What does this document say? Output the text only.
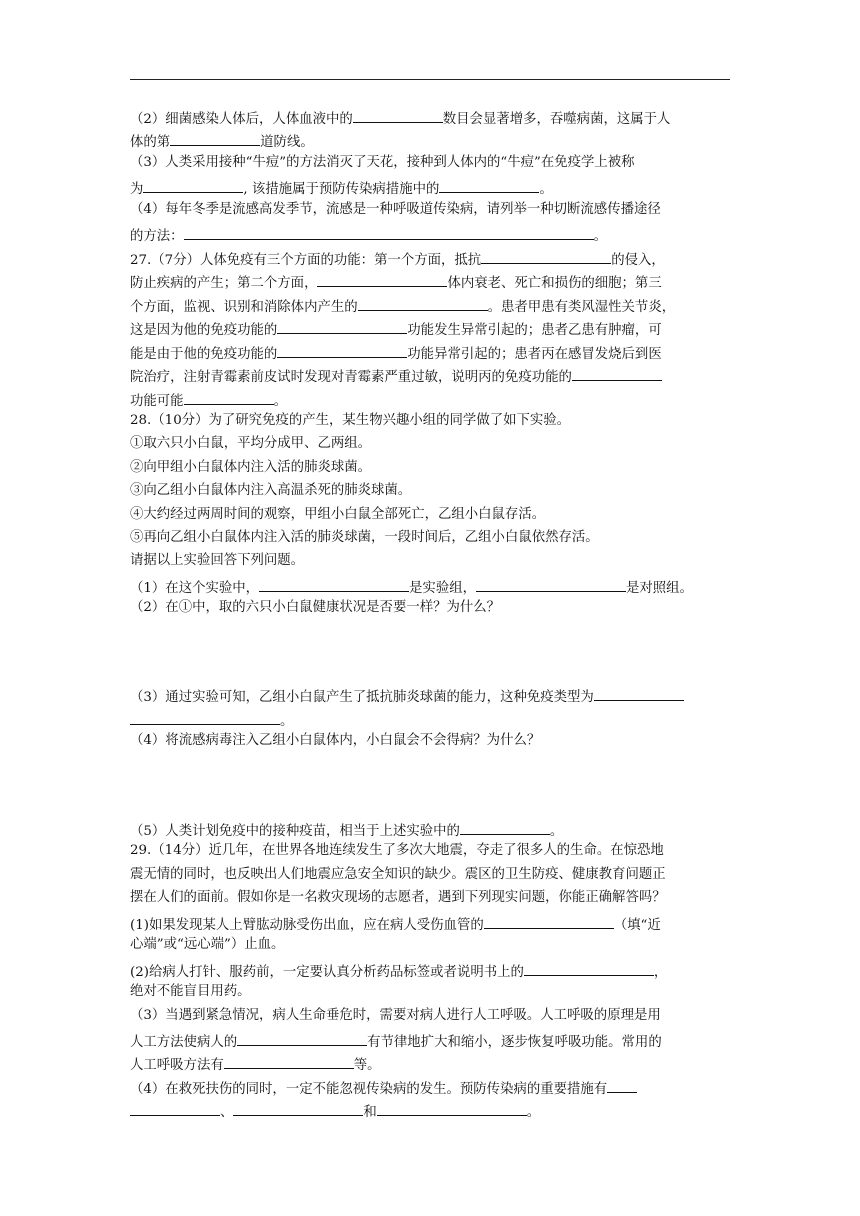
（2）细菌感染人体后，人体血液中的	数目会显著增多，吞噬病菌，这属于人
体的第	道防线。
（3）人类采用接种“牛痘”的方法消灭了天花，接种到人体内的“牛痘”在免疫学上被称
为	, 该措施属于预防传染病措施中的	。
（4）每年冬季是流感高发季节，流感是一种呼吸道传染病，请列举一种切断流感传播途径
的方法：	。
27.（7分）人体免疫有三个方面的功能：第一个方面，抵抗	的侵入，
防止疾病的产生；第二个方面，	体内衰老、死亡和损伤的细胞；第三
个方面，监视、识别和消除体内产生的	。患者甲患有类风湿性关节炎，
这是因为他的免疫功能的	功能发生异常引起的；患者乙患有肿瘤，可
能是由于他的免疫功能的	功能异常引起的；患者丙在感冒发烧后到医
院治疗，注射青霉素前皮试时发现对青霉素严重过敏，说明丙的免疫功能的
功能可能	。
28.（10分）为了研究免疫的产生，某生物兴趣小组的同学做了如下实验。
①取六只小白鼠，平均分成甲、乙两组。
②向甲组小白鼠体内注入活的肺炎球菌。
③向乙组小白鼠体内注入高温杀死的肺炎球菌。
④大约经过两周时间的观察，甲组小白鼠全部死亡，乙组小白鼠存活。
⑤再向乙组小白鼠体内注入活的肺炎球菌，一段时间后，乙组小白鼠依然存活。
请据以上实验回答下列问题。
（1）在这个实验中，	是实验组，	是对照组。
（2）在①中，取的六只小白鼠健康状况是否要一样？为什么？
（3）通过实验可知，乙组小白鼠产生了抵抗肺炎球菌的能力，这种免疫类型为
。
（4）将流感病毒注入乙组小白鼠体内，小白鼠会不会得病？为什么？
（5）人类计划免疫中的接种疫苗，相当于上述实验中的	。
29.（14分）近几年，在世界各地连续发生了多次大地震，夺走了很多人的生命。在惊恐地
震无情的同时，也反映出人们地震应急安全知识的缺少。震区的卫生防疫、健康教育问题正
摆在人们的面前。假如你是一名救灾现场的志愿者，遇到下列现实问题，你能正确解答吗？
(1)如果发现某人上臂肱动脉受伤出血，应在病人受伤血管的	（填“近
心端”或“远心端”）止血。
(2)给病人打针、服药前，一定要认真分析药品标签或者说明书上的	，
绝对不能盲目用药。
（3）当遇到紧急情况，病人生命垂危时，需要对病人进行人工呼吸。人工呼吸的原理是用
人工方法使病人的	有节律地扩大和缩小，逐步恢复呼吸功能。常用的
人工呼吸方法有	等。
（4）在救死扶伤的同时，一定不能忽视传染病的发生。预防传染病的重要措施有
、	和	。
